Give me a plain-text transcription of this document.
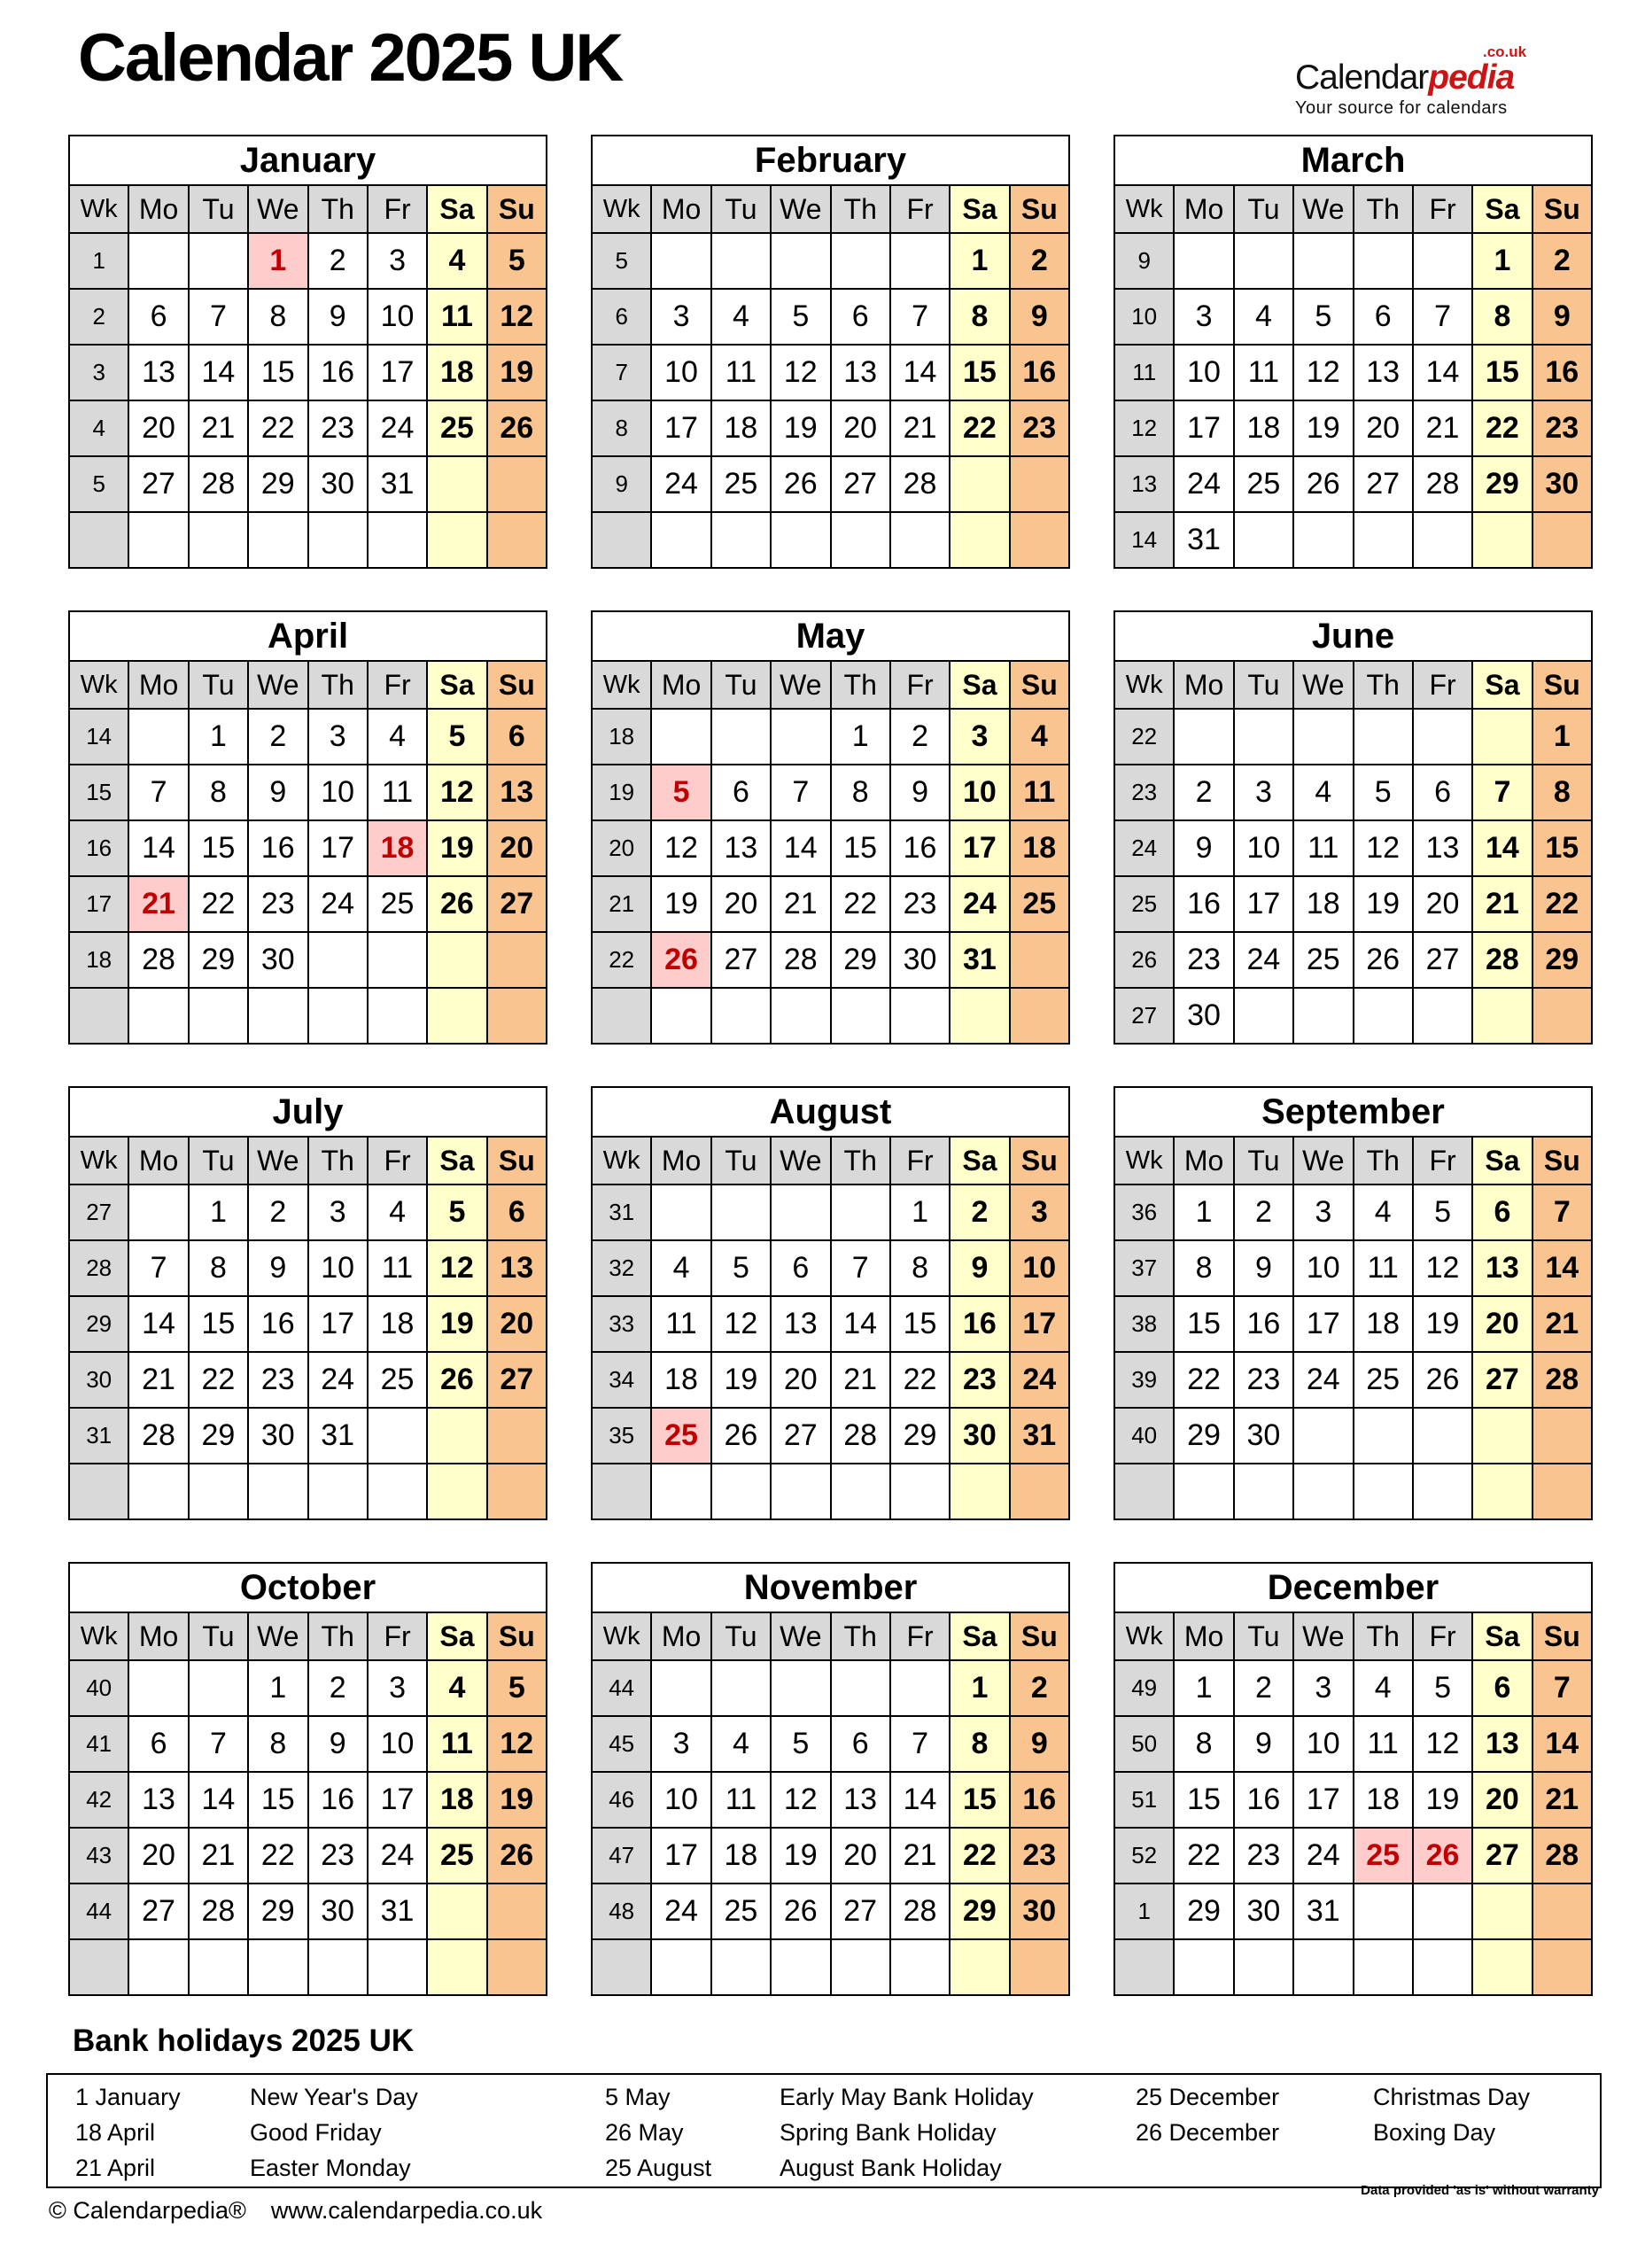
Calendar 2025 UK	.co.uk
Calendarpedia
Your source for calendars
January							
Wk	Mo	Tu	We	Th	Fr	Sa	Su
1			1	2	3	4	5
2	6	7	8	9	10	11	12
3	13	14	15	16	17	18	19
4	20	21	22	23	24	25	26
5	27	28	29	30	31		

February							
Wk	Mo	Tu	We	Th	Fr	Sa	Su
5						1	2
6	3	4	5	6	7	8	9
7	10	11	12	13	14	15	16
8	17	18	19	20	21	22	23
9	24	25	26	27	28		

March							
Wk	Mo	Tu	We	Th	Fr	Sa	Su
9						1	2
10	3	4	5	6	7	8	9
11	10	11	12	13	14	15	16
12	17	18	19	20	21	22	23
13	24	25	26	27	28	29	30
14	31						
April							
Wk	Mo	Tu	We	Th	Fr	Sa	Su
14		1	2	3	4	5	6
15	7	8	9	10	11	12	13
16	14	15	16	17	18	19	20
17	21	22	23	24	25	26	27
18	28	29	30				

May							
Wk	Mo	Tu	We	Th	Fr	Sa	Su
18				1	2	3	4
19	5	6	7	8	9	10	11
20	12	13	14	15	16	17	18
21	19	20	21	22	23	24	25
22	26	27	28	29	30	31	

June							
Wk	Mo	Tu	We	Th	Fr	Sa	Su
22							1
23	2	3	4	5	6	7	8
24	9	10	11	12	13	14	15
25	16	17	18	19	20	21	22
26	23	24	25	26	27	28	29
27	30						
July							
Wk	Mo	Tu	We	Th	Fr	Sa	Su
27		1	2	3	4	5	6
28	7	8	9	10	11	12	13
29	14	15	16	17	18	19	20
30	21	22	23	24	25	26	27
31	28	29	30	31			

August							
Wk	Mo	Tu	We	Th	Fr	Sa	Su
31					1	2	3
32	4	5	6	7	8	9	10
33	11	12	13	14	15	16	17
34	18	19	20	21	22	23	24
35	25	26	27	28	29	30	31

September							
Wk	Mo	Tu	We	Th	Fr	Sa	Su
36	1	2	3	4	5	6	7
37	8	9	10	11	12	13	14
38	15	16	17	18	19	20	21
39	22	23	24	25	26	27	28
40	29	30					

October							
Wk	Mo	Tu	We	Th	Fr	Sa	Su
40			1	2	3	4	5
41	6	7	8	9	10	11	12
42	13	14	15	16	17	18	19
43	20	21	22	23	24	25	26
44	27	28	29	30	31		

November							
Wk	Mo	Tu	We	Th	Fr	Sa	Su
44						1	2
45	3	4	5	6	7	8	9
46	10	11	12	13	14	15	16
47	17	18	19	20	21	22	23
48	24	25	26	27	28	29	30

December							
Wk	Mo	Tu	We	Th	Fr	Sa	Su
49	1	2	3	4	5	6	7
50	8	9	10	11	12	13	14
51	15	16	17	18	19	20	21
52	22	23	24	25	26	27	28
1	29	30	31				

Bank holidays 2025 UK
1 January	New Year's Day	5 May	Early May Bank Holiday	25 December	Christmas Day
18 April	Good Friday	26 May	Spring Bank Holiday	26 December	Boxing Day
21 April	Easter Monday	25 August	August Bank Holiday
© Calendarpedia® www.calendarpedia.co.uk
Data provided 'as is' without warranty
